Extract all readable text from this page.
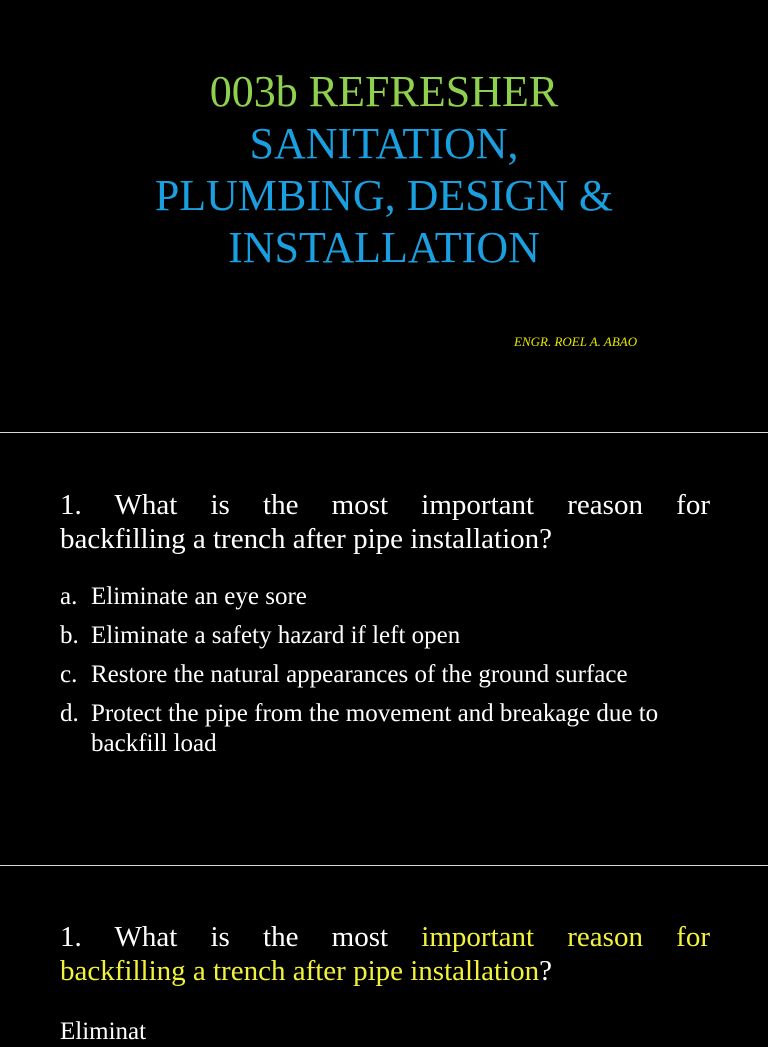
003b REFRESHER
SANITATION,
PLUMBING, DESIGN &
INSTALLATION
ENGR. ROEL A. ABAO
1. What is the most important reason for
backfilling a trench after pipe installation?
a. Eliminate an eye sore
b. Eliminate a safety hazard if left open
c. Restore the natural appearances of the ground surface
d. Protect the pipe from the movement and breakage due to backfill load
1. What is the most important reason for
backfilling a trench after pipe installation?
Eliminat
